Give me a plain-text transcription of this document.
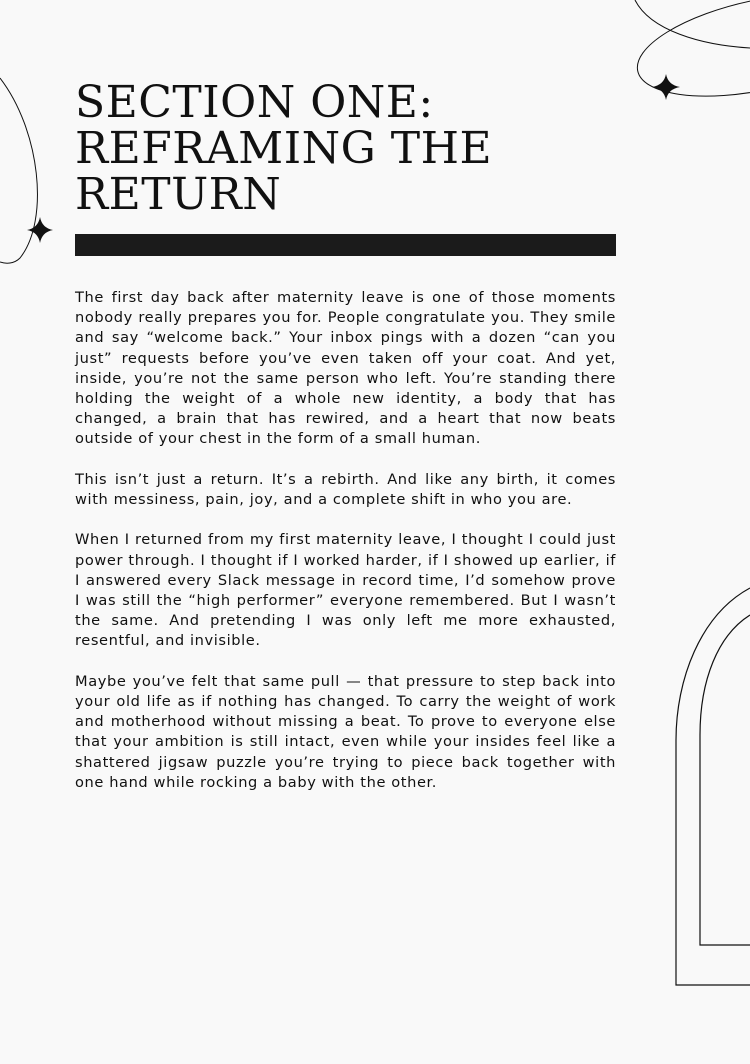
SECTION ONE:
REFRAMING THE
RETURN

The first day back after maternity leave is one of those moments nobody really prepares you for. People congratulate you. They smile and say “welcome back.” Your inbox pings with a dozen “can you just” requests before you’ve even taken off your coat. And yet, inside, you’re not the same person who left. You’re standing there holding the weight of a whole new identity, a body that has changed, a brain that has rewired, and a heart that now beats outside of your chest in the form of a small human.

This isn’t just a return. It’s a rebirth. And like any birth, it comes with messiness, pain, joy, and a complete shift in who you are.

When I returned from my first maternity leave, I thought I could just power through. I thought if I worked harder, if I showed up earlier, if I answered every Slack message in record time, I’d somehow prove I was still the “high performer” everyone remembered. But I wasn’t the same. And pretending I was only left me more exhausted, resentful, and invisible.

Maybe you’ve felt that same pull — that pressure to step back into your old life as if nothing has changed. To carry the weight of work and motherhood without missing a beat. To prove to everyone else that your ambition is still intact, even while your insides feel like a shattered jigsaw puzzle you’re trying to piece back together with one hand while rocking a baby with the other.
